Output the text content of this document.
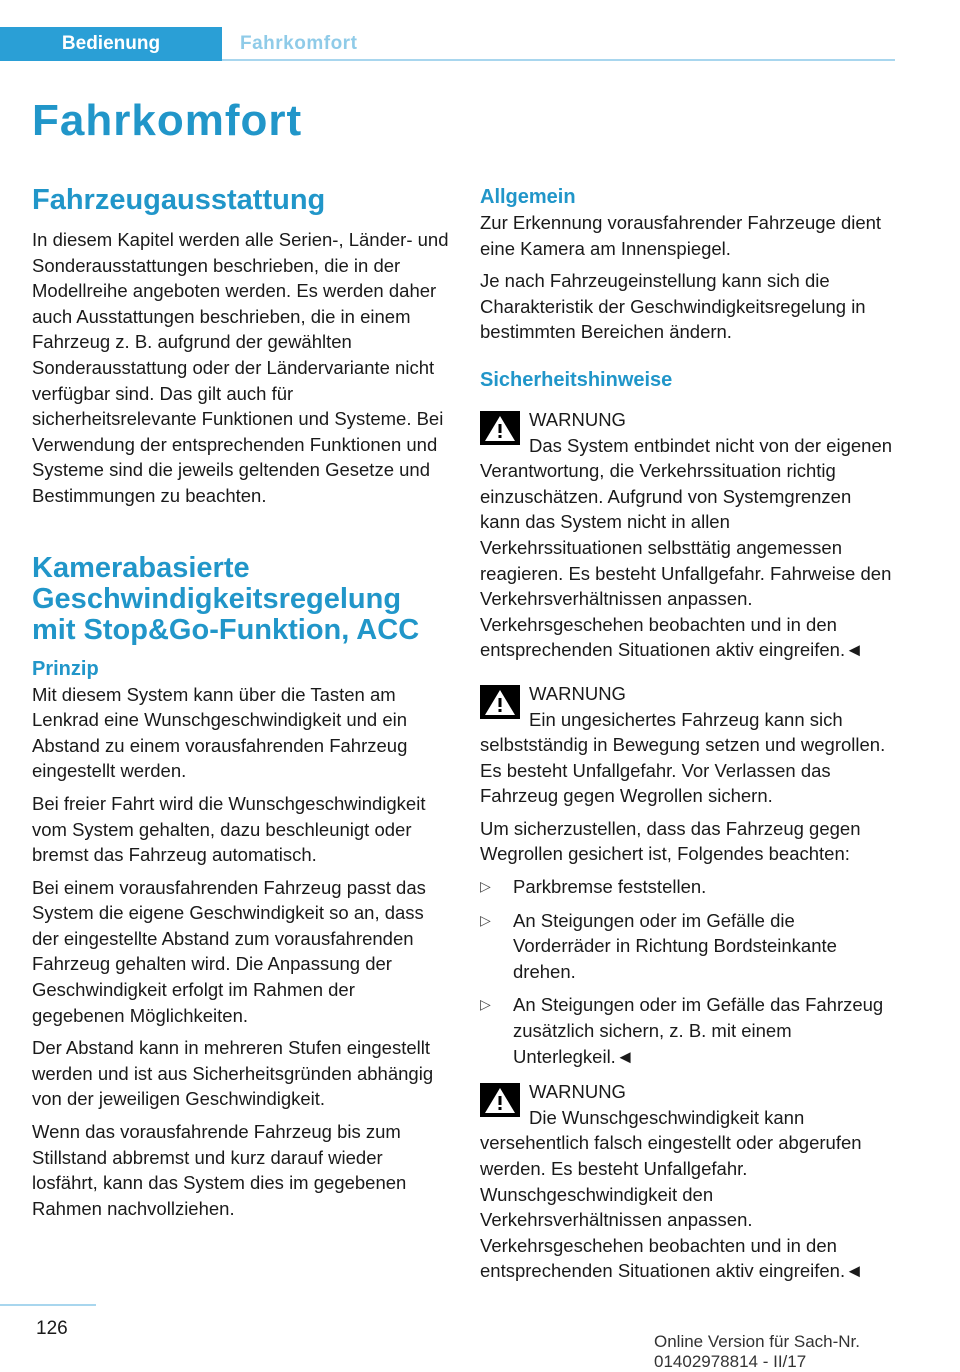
Bedienung	Fahrkomfort
Fahrkomfort
Fahrzeugausstattung

In diesem Kapitel werden alle Serien-, Länder- und Sonderausstattungen beschrieben, die in der Modellreihe angeboten werden. Es werden daher auch Ausstattungen beschrieben, die in einem Fahrzeug z. B. aufgrund der gewählten Sonderausstattung oder der Ländervariante nicht verfügbar sind. Das gilt auch für sicherheitsrelevante Funktionen und Systeme. Bei Verwendung der entsprechenden Funktionen und Systeme sind die jeweils geltenden Gesetze und Bestimmungen zu beachten.

Kamerabasierte Geschwindigkeitsregelung mit Stop&Go-Funktion, ACC
Prinzip

Mit diesem System kann über die Tasten am Lenkrad eine Wunschgeschwindigkeit und ein Abstand zu einem vorausfahrenden Fahrzeug eingestellt werden.

Bei freier Fahrt wird die Wunschgeschwindigkeit vom System gehalten, dazu beschleunigt oder bremst das Fahrzeug automatisch.

Bei einem vorausfahrenden Fahrzeug passt das System die eigene Geschwindigkeit so an, dass der eingestellte Abstand zum vorausfahrenden Fahrzeug gehalten wird. Die Anpassung der Geschwindigkeit erfolgt im Rahmen der gegebenen Möglichkeiten.

Der Abstand kann in mehreren Stufen eingestellt werden und ist aus Sicherheitsgründen abhängig von der jeweiligen Geschwindigkeit.

Wenn das vorausfahrende Fahrzeug bis zum Stillstand abbremst und kurz darauf wieder losfährt, kann das System dies im gegebenen Rahmen nachvollziehen.

Allgemein

Zur Erkennung vorausfahrender Fahrzeuge dient eine Kamera am Innenspiegel.

Je nach Fahrzeugeinstellung kann sich die Charakteristik der Geschwindigkeitsregelung in bestimmten Bereichen ändern.

Sicherheitshinweise
WARNUNG

Das System entbindet nicht von der eigenen Verantwortung, die Verkehrssituation richtig einzuschätzen. Aufgrund von Systemgrenzen kann das System nicht in allen Verkehrssituationen selbsttätig angemessen reagieren. Es besteht Unfallgefahr. Fahrweise den Verkehrsverhältnissen anpassen. Verkehrsgeschehen beobachten und in den entsprechenden Situationen aktiv eingreifen.◄

WARNUNG

Ein ungesichertes Fahrzeug kann sich selbstständig in Bewegung setzen und wegrollen. Es besteht Unfallgefahr. Vor Verlassen das Fahrzeug gegen Wegrollen sichern.

Um sicherzustellen, dass das Fahrzeug gegen Wegrollen gesichert ist, Folgendes beachten:

▷ Parkbremse feststellen.
▷ An Steigungen oder im Gefälle die Vorderräder in Richtung Bordsteinkante drehen.
▷ An Steigungen oder im Gefälle das Fahrzeug zusätzlich sichern, z. B. mit einem Unterlegkeil.◄
WARNUNG

Die Wunschgeschwindigkeit kann versehentlich falsch eingestellt oder abgerufen werden. Es besteht Unfallgefahr. Wunschgeschwindigkeit den Verkehrsverhältnissen anpassen. Verkehrsgeschehen beobachten und in den entsprechenden Situationen aktiv eingreifen.◄

126
Online Version für Sach-Nr. 01402978814 - II/17
